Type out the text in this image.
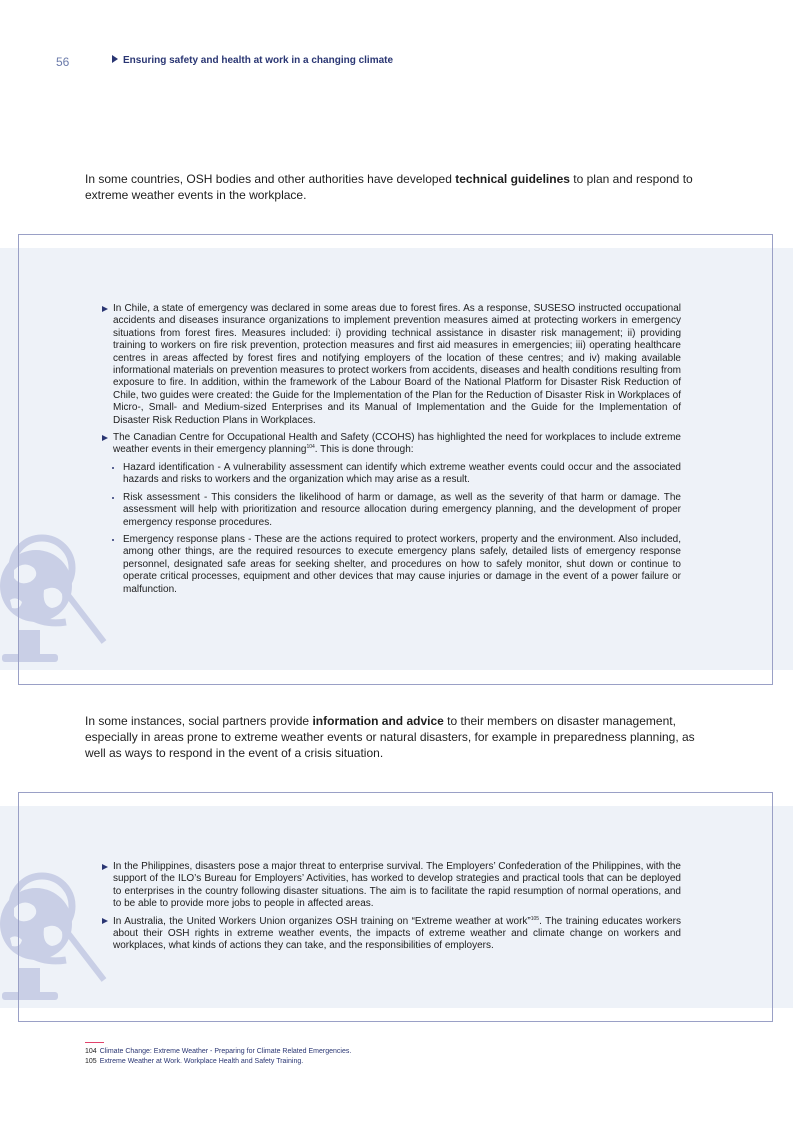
56	Ensuring safety and health at work in a changing climate

In some countries, OSH bodies and other authorities have developed technical guidelines to plan and respond to extreme weather events in the workplace.

In Chile, a state of emergency was declared in some areas due to forest fires. As a response, SUSESO instructed occupational accidents and diseases insurance organizations to implement prevention measures aimed at protecting workers in emergency situations from forest fires. Measures included: i) providing technical assistance in disaster risk management; ii) providing training to workers on fire risk prevention, protection measures and first aid measures in emergencies; iii) operating healthcare centres in areas affected by forest fires and notifying employers of the location of these centres; and iv) making available informational materials on prevention measures to protect workers from accidents, diseases and health conditions resulting from exposure to fire. In addition, within the framework of the Labour Board of the National Platform for Disaster Risk Reduction of Chile, two guides were created: the Guide for the Implementation of the Plan for the Reduction of Disaster Risk in Workplaces of Micro-, Small- and Medium-sized Enterprises and its Manual of Implementation and the Guide for the Implementation of Disaster Risk Reduction Plans in Workplaces.
The Canadian Centre for Occupational Health and Safety (CCOHS) has highlighted the need for workplaces to include extreme weather events in their emergency planning$^{104}$. This is done through:
Hazard identification - A vulnerability assessment can identify which extreme weather events could occur and the associated hazards and risks to workers and the organization which may arise as a result.
Risk assessment - This considers the likelihood of harm or damage, as well as the severity of that harm or damage. The assessment will help with prioritization and resource allocation during emergency planning, and the development of proper emergency response procedures.
Emergency response plans - These are the actions required to protect workers, property and the environment. Also included, among other things, are the required resources to execute emergency plans safely, detailed lists of emergency response personnel, designated safe areas for seeking shelter, and procedures on how to safely monitor, shut down or continue to operate critical processes, equipment and other devices that may cause injuries or damage in the event of a power failure or malfunction.

In some instances, social partners provide information and advice to their members on disaster management, especially in areas prone to extreme weather events or natural disasters, for example in preparedness planning, as well as ways to respond in the event of a crisis situation.

In the Philippines, disasters pose a major threat to enterprise survival. The Employers’ Confederation of the Philippines, with the support of the ILO’s Bureau for Employers’ Activities, has worked to develop strategies and practical tools that can be deployed to enterprises in the country following disaster situations. The aim is to facilitate the rapid resumption of normal operations, and to be able to provide more jobs to people in affected areas.
In Australia, the United Workers Union organizes OSH training on “Extreme weather at work”$^{105}$. The training educates workers about their OSH rights in extreme weather events, the impacts of extreme weather and climate change on workers and workplaces, what kinds of actions they can take, and the responsibilities of employers.
104 Climate Change: Extreme Weather - Preparing for Climate Related Emergencies.
105 Extreme Weather at Work. Workplace Health and Safety Training.
